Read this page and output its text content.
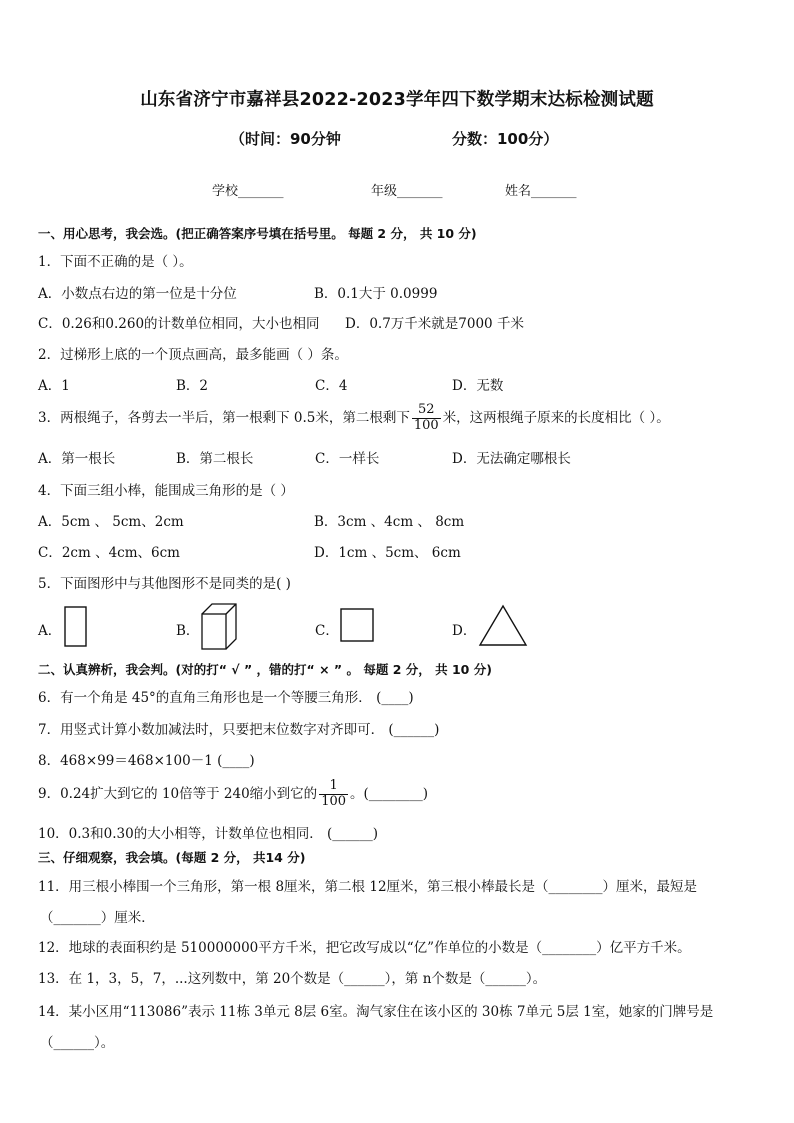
山东省济宁市嘉祥县2022-2023学年四下数学期末达标检测试题
（时间：90分钟	分数：100分）
学校_______	年级_______	姓名_______
一、用心思考，我会选。(把正确答案序号填在括号里。 每题 2 分， 共 10 分)
1．下面不正确的是（ ）。
A．小数点右边的第一位是十分位	B．0.1大于 0.0999
C．0.26和0.260的计数单位相同，大小也相同 D．0.7万千米就是7000 千米
2．过梯形上底的一个顶点画高，最多能画（ ）条。
A．1	B．2	C．4	D．无数
3．两根绳子，各剪去一半后，第一根剩下 0.5米，第二根剩下 $\frac{52}{100}$ 米，这两根绳子原来的长度相比（ ）。
A．第一根长	B．第二根长	C．一样长	D．无法确定哪根长
4．下面三组小棒，能围成三角形的是（ ）
A．5cm 、 5cm、2cm	B．3cm 、4cm 、 8cm
C．2cm 、4cm、6cm	D．1cm 、5cm、 6cm
5．下面图形中与其他图形不是同类的是( )
A．	B．	C．	D．
二、认真辨析，我会判。(对的打“ √ ” ，错的打“ × ” 。 每题 2 分， 共 10 分)
6．有一个角是 45°的直角三角形也是一个等腰三角形． (____)
7．用竖式计算小数加减法时，只要把末位数字对齐即可． (______)
8．468×99＝468×100－1 (____)
9．0.24扩大到它的 10倍等于 240缩小到它的 $\frac{1}{100}$ 。(________)
10．0.3和0.30的大小相等，计数单位也相同． (______)
三、仔细观察，我会填。(每题 2 分， 共14 分)
11．用三根小棒围一个三角形，第一根 8厘米，第二根 12厘米，第三根小棒最长是（________）厘米，最短是
（_______）厘米．
12．地球的表面积约是 510000000平方千米，把它改写成以“亿”作单位的小数是（________）亿平方千米。
13．在 1，3，5，7，...这列数中，第 20个数是（______），第 n个数是（______）。
14．某小区用“113086”表示 11栋 3单元 8层 6室。淘气家住在该小区的 30栋 7单元 5层 1室，她家的门牌号是
（______）。
